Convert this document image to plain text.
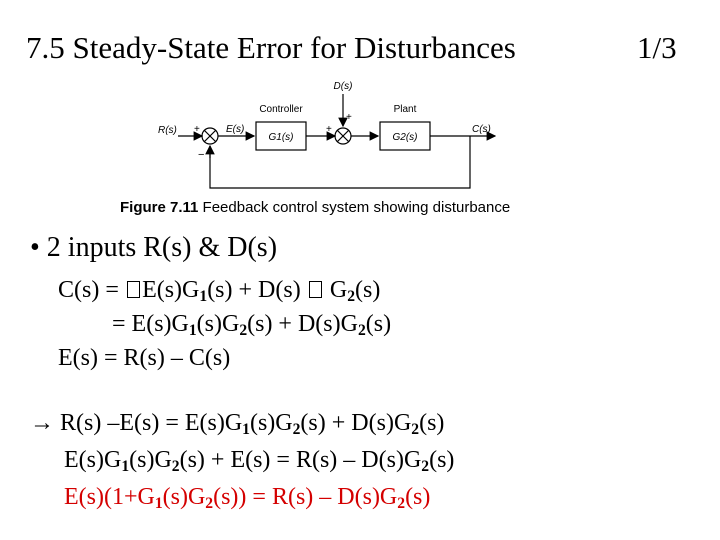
7.5 Steady-State Error for Disturbances	1/3
D(s)
Controller	Plant
R(s)	E(s)	C(s)
G1(s)	G2(s)
+
−
+
+
Figure 7.11 Feedback control system showing disturbance
• 2 inputs R(s) & D(s)
$C(s) = E(s)G_1(s) + D(s)$  $G_2(s)$
= $E(s)G_1(s)G_2(s) + D(s)G_2(s)$
E(s) = R(s) – C(s)
→ R(s) $-E(s) = E(s)G_1(s)G_2(s) + D(s)G_2(s)$
$E(s)G_1(s)G_2(s) + E(s) = R(s) - D(s)G_2(s)$
$E(s)(1+G_1(s)G_2(s)) = R(s) - D(s)G_2(s)$
